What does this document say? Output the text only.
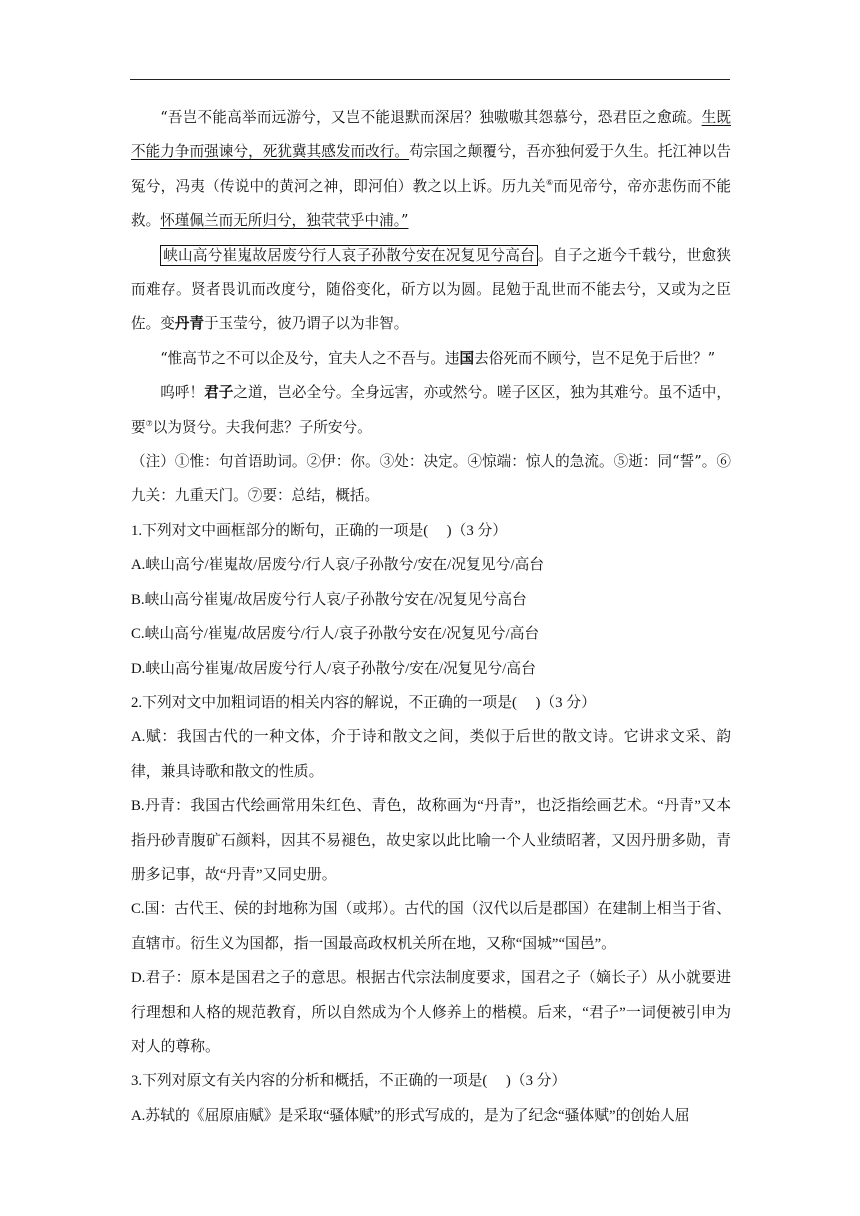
“吾岂不能高举而远游兮，又岂不能退默而深居？独嗷嗷其怨慕兮，恐君臣之愈疏。生既不能力争而强谏兮，死犹冀其感发而改行。苟宗国之颠覆兮，吾亦独何爱于久生。托江神以告冤兮，冯夷（传说中的黄河之神，即河伯）教之以上诉。历九关⑥而见帝兮，帝亦悲伤而不能救。怀瑾佩兰而无所归兮，独茕茕乎中浦。”

峡山高兮崔嵬故居废兮行人哀子孙散兮安在况复见兮高台 。自子之逝今千载兮，世愈狭而难存。贤者畏讥而改度兮，随俗变化，斫方以为圆。昆勉于乱世而不能去兮，又或为之臣佐。变丹青于玉莹兮，彼乃谓子以为非智。

“惟高节之不可以企及兮，宜夫人之不吾与。违国去俗死而不顾兮，岂不足免于后世？”

呜呼！君子之道，岂必全兮。全身远害，亦或然兮。嗟子区区，独为其难兮。虽不适中，要⑦以为贤兮。夫我何悲？子所安兮。

（注）①惟：句首语助词。②伊：你。③处：决定。④惊端：惊人的急流。⑤逝：同“誓”。⑥九关：九重天门。⑦要：总结，概括。

1.下列对文中画框部分的断句，正确的一项是(　 )（3 分）

A.峡山高兮/崔嵬故/居废兮/行人哀/子孙散兮/安在/况复见兮/高台

B.峡山高兮崔嵬/故居废兮行人哀/子孙散兮安在/况复见兮高台

C.峡山高兮/崔嵬/故居废兮/行人/哀子孙散兮安在/况复见兮/高台

D.峡山高兮崔嵬/故居废兮行人/哀子孙散兮/安在/况复见兮/高台

2.下列对文中加粗词语的相关内容的解说，不正确的一项是(　 )（3 分）

A.赋：我国古代的一种文体，介于诗和散文之间，类似于后世的散文诗。它讲求文采、韵律，兼具诗歌和散文的性质。

B.丹青：我国古代绘画常用朱红色、青色，故称画为“丹青”，也泛指绘画艺术。“丹青”又本指丹砂青腹矿石颜料，因其不易褪色，故史家以此比喻一个人业绩昭著，又因丹册多勋，青册多记事，故“丹青”又同史册。

C.国：古代王、侯的封地称为国（或邦）。古代的国（汉代以后是郡国）在建制上相当于省、直辖市。衍生义为国都，指一国最高政权机关所在地，又称“国城”“国邑”。

D.君子：原本是国君之子的意思。根据古代宗法制度要求，国君之子（嫡长子）从小就要进行理想和人格的规范教育，所以自然成为个人修养上的楷模。后来，“君子”一词便被引申为对人的尊称。

3.下列对原文有关内容的分析和概括，不正确的一项是(　 )（3 分）

A.苏轼的《屈原庙赋》是采取“骚体赋”的形式写成的，是为了纪念“骚体赋”的创始人屈
